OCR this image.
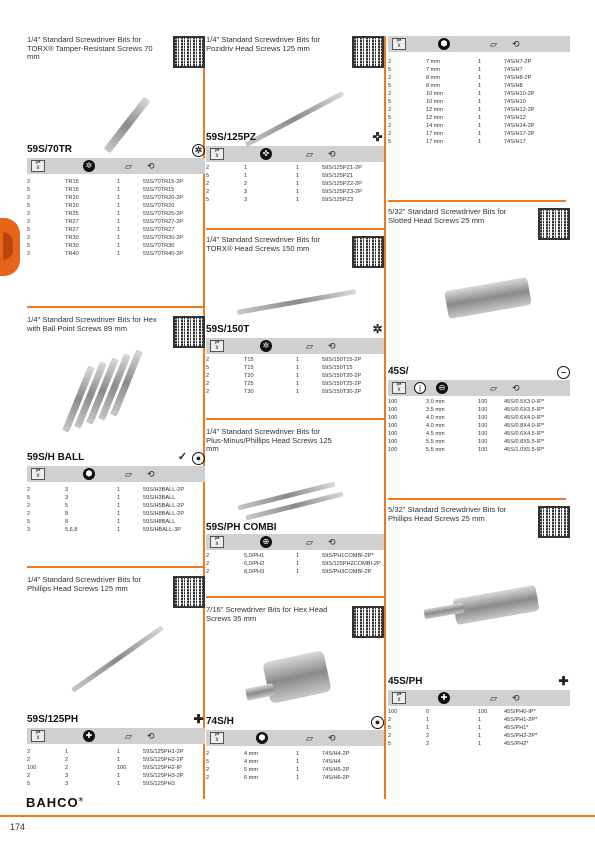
1/4" Standard Screwdriver Bits for TORX® Tamper-Resistant Screws 70 mm
59S/70TR	✲
⇌
x	✲	▱ ⟲
2	TR15	1	59S/70TR15-2P
5	TR15	1	59S/70TR15
2	TR20	1	59S/70TR20-2P
5	TR20	1	59S/70TR20
2	TR25	1	59S/70TR25-2P
2	TR27	1	59S/70TR27-2P
5	TR27	1	59S/70TR27
2	TR30	1	59S/70TR30-2P
5	TR30	1	59S/70TR30
2	TR40	1	59S/70TR40-2P
1/4" Standard Screwdriver Bits for Hex with Ball Point Screws 89 mm
59S/H BALL	✓ ●
⇌
x	⬢	▱ ⟲
2	3	1	59S/H3BALL-2P
5	3	1	59S/H3BALL
2	5	1	59S/H5BALL-2P
2	8	1	59S/H8BALL-2P
5	8	1	59S/H8BALL
3	5,6,8	1	59S/HBALL-3P
1/4" Standard Screwdriver Bits for Phillips Head Screws 125 mm
59S/125PH	✚
⇌
x	✚	▱ ⟲
2	1	1	59S/125PH1-2P
2	2	1	59S/125PH2-2P
100	2	100	59S/125PH2-IP
2	3	1	59S/125PH3-2P
5	3	1	59S/125PH3
1/4" Standard Screwdriver Bits for Pozidriv Head Screws 125 mm
59S/125PZ	✜
⇌
x	✜	▱ ⟲
2	1	1	59S/125PZ1-2P
5	1	1	59S/125PZ1
2	2	1	59S/125PZ2-2P
2	3	1	59S/125PZ3-2P
5	3	1	59S/125PZ3
1/4" Standard Screwdriver Bits for TORX® Head Screws 150 mm
59S/150T	✲
⇌
x	✲	▱ ⟲
2	T15	1	59S/150T15-2P
5	T15	1	59S/150T15
2	T20	1	59S/150T20-2P
2	T25	1	59S/150T25-2P
2	T30	1	59S/150T30-2P
1/4" Standard Screwdriver Bits for Plus-Minus/Phillips Head Screws 125 mm
59S/PH COMBI
⇌
x	⊕	▱ ⟲
2	5,0/PH1	1	59S/PH1COMBI-2P*
2	6,0/PH2	1	59S/125PH2COMBI-2P
2	8,0/PH3	1	59S/PH3COMBI-2P
7/16" Screwdriver Bits for Hex Head Screws 35 mm
74S/H	●
⇌
x	⬢	▱ ⟲
2	4 mm	1	74S/H4-2P
5	4 mm	1	74S/H4
2	5 mm	1	74S/H5-2P
2	6 mm	1	74S/H6-2P
⇌
x	⬢	▱ ⟲
2	7 mm	1	74S/H7-2P
5	7 mm	1	74S/H7
2	8 mm	1	74S/H8-2P
5	8 mm	1	74S/H8
2	10 mm	1	74S/H10-2P
5	10 mm	1	74S/H10
2	12 mm	1	74S/H12-2P
5	12 mm	1	74S/H12
2	14 mm	1	74S/H14-2P
2	17 mm	1	74S/H17-2P
5	17 mm	1	74S/H17
5/32" Standard Screwdriver Bits for Slotted Head Screws 25 mm
45S/	–
⇌
x	|	⊖	▱ ⟲
100	3.0 mm	100	45S/0.5X3.0-IP*
100	3.5 mm	100	45S/0.6X3.5-IP*
100	4.0 mm	100	45S/0.6X4.0-IP*
100	4.0 mm	100	45S/0.8X4.0-IP*
100	4.5 mm	100	45S/0.6X4.5-IP*
100	5.5 mm	100	45S/0.8X5.5-IP*
100	5.5 mm	100	45S/1.0X5.5-IP*
5/32" Standard Screwdriver Bits for Phillips Head Screws 25 mm
45S/PH	✚
⇌
x	✚	▱ ⟲
100	0	100	45S/PH0-IP*
2	1	1	45S/PH1-2P*
5	1	1	45S/PH1*
2	2	1	45S/PH2-2P*
5	2	1	45S/PH2*
BAHCO®
174
